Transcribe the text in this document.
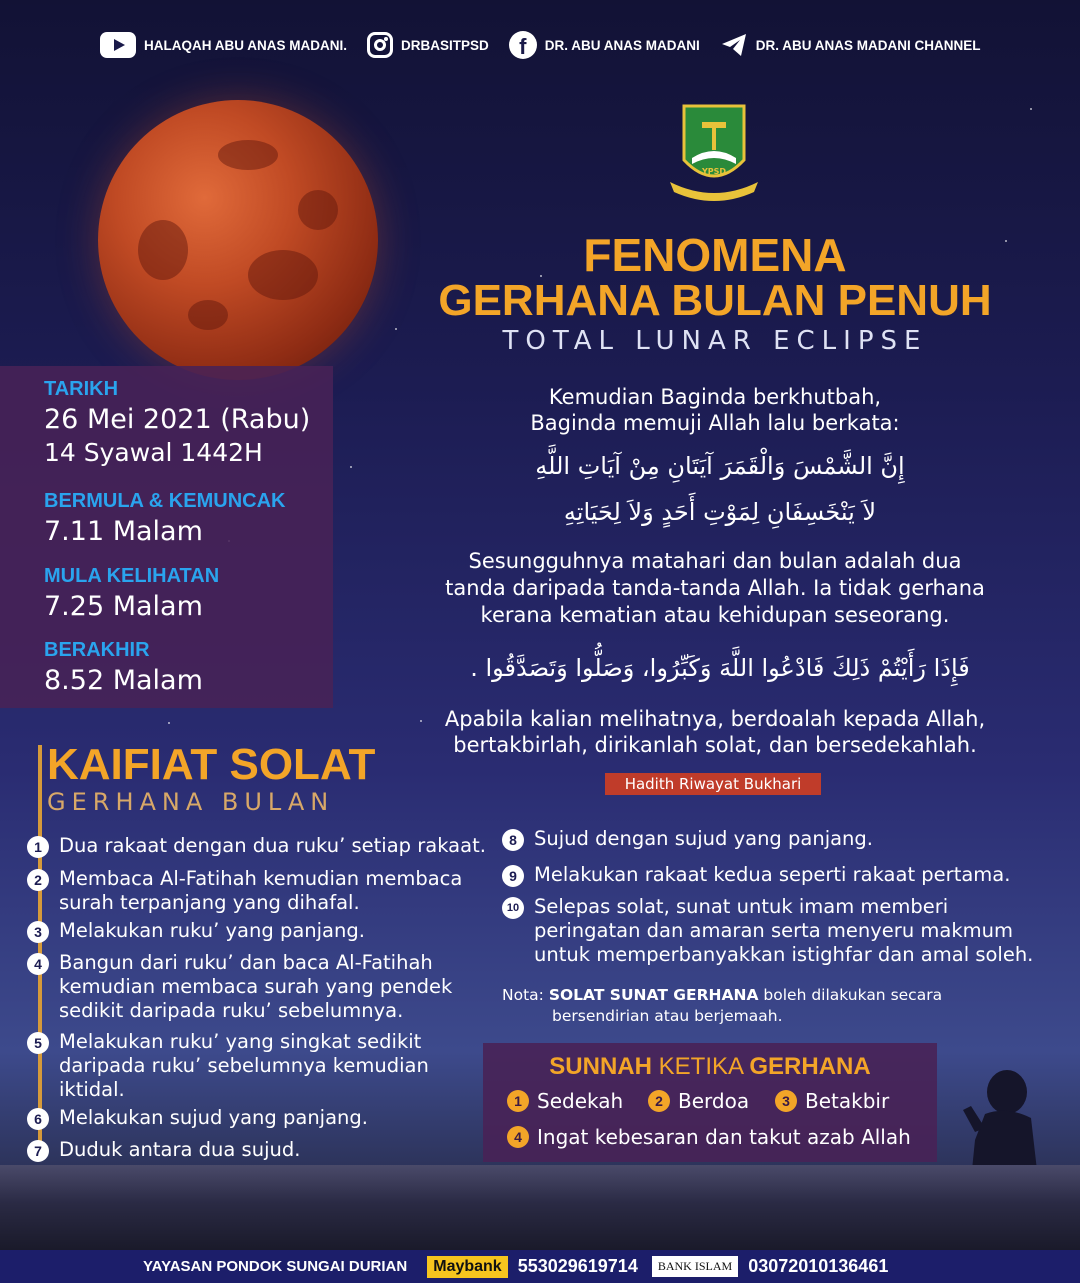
HALAQAH ABU ANAS MADANI.	DRBASITPSD	f	DR. ABU ANAS MADANI	DR. ABU ANAS MADANI CHANNEL
TARIKH
26 Mei 2021 (Rabu)
14 Syawal 1442H
BERMULA & KEMUNCAK
7.11 Malam
MULA KELIHATAN
7.25 Malam
BERAKHIR
8.52 Malam
YPSD
FENOMENA
GERHANA BULAN PENUH
TOTAL LUNAR ECLIPSE
Kemudian Baginda berkhutbah,
Baginda memuji Allah lalu berkata:
إِنَّ الشَّمْسَ وَالْقَمَرَ آيَتَانِ مِنْ آيَاتِ اللَّهِ
لاَ يَنْخَسِفَانِ لِمَوْتِ أَحَدٍ وَلاَ لِحَيَاتِهِ
Sesungguhnya matahari dan bulan adalah dua
tanda daripada tanda-tanda Allah. Ia tidak gerhana
kerana kematian atau kehidupan seseorang.
فَإِذَا رَأَيْتُمْ ذَلِكَ فَادْعُوا اللَّهَ وَكَبِّرُوا، وَصَلُّوا وَتَصَدَّقُوا .
Apabila kalian melihatnya, berdoalah kepada Allah,
bertakbirlah, dirikanlah solat, dan bersedekahlah.
Hadith Riwayat Bukhari
KAIFIAT SOLAT
GERHANA BULAN
1 Dua rakaat dengan dua ruku’ setiap rakaat.
2 Membaca Al-Fatihah kemudian membaca
surah terpanjang yang dihafal.
3 Melakukan ruku’ yang panjang.
4 Bangun dari ruku’ dan baca Al-Fatihah
kemudian membaca surah yang pendek
sedikit daripada ruku’ sebelumnya.
5 Melakukan ruku’ yang singkat sedikit
daripada ruku’ sebelumnya kemudian
iktidal.
6 Melakukan sujud yang panjang.
7 Duduk antara dua sujud.
8 Sujud dengan sujud yang panjang.
9 Melakukan rakaat kedua seperti rakaat pertama.
10 Selepas solat, sunat untuk imam memberi
peringatan dan amaran serta menyeru makmum
untuk memperbanyakkan istighfar dan amal soleh.
Nota: SOLAT SUNAT GERHANA boleh dilakukan secara
bersendirian atau berjemaah.
SUNNAH KETIKA GERHANA
1 Sedekah	2 Berdoa	3 Betakbir
4 Ingat kebesaran dan takut azab Allah
YAYASAN PONDOK SUNGAI DURIAN	Maybank 553029619714	BANK ISLAM 03072010136461
